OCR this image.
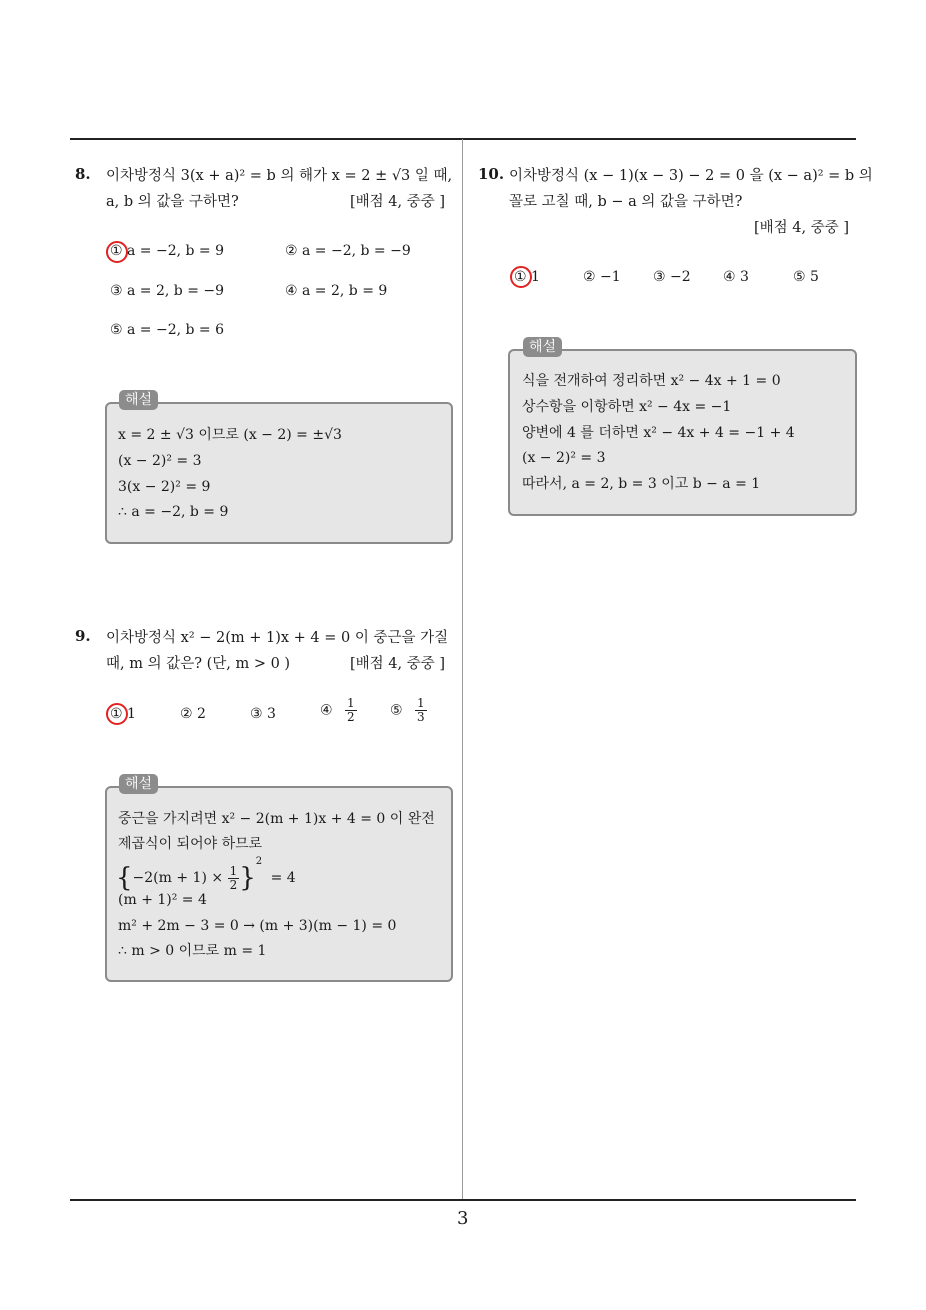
8. 이차방정식 3(x + a)² = b 의 해가 x = 2 ± √3 일 때,
a, b 의 값을 구하면?	[배점 4, 중중 ]
① a = −2, b = 9	② a = −2, b = −9
③ a = 2, b = −9	④ a = 2, b = 9
⑤ a = −2, b = 6
해설
x = 2 ± √3 이므로 (x − 2) = ±√3
(x − 2)² = 3
3(x − 2)² = 9
∴ a = −2, b = 9
9. 이차방정식 x² − 2(m + 1)x + 4 = 0 이 중근을 가질
때, m 의 값은? (단, m > 0 )	[배점 4, 중중 ]
① 1	② 2	③ 3	④ $\frac{1}{2}$ ⑤ $\frac{1}{3}$
해설
중근을 가지려면 x² − 2(m + 1)x + 4 = 0 이 완전
제곱식이 되어야 하므로
$\{-2(m + 1) \times \frac{1}{2} \}^2 = 4$
(m + 1)² = 4
m² + 2m − 3 = 0 → (m + 3)(m − 1) = 0
∴ m > 0 이므로 m = 1
10. 이차방정식 (x − 1)(x − 3) − 2 = 0 을 (x − a)² = b 의
꼴로 고칠 때, b − a 의 값을 구하면?
[배점 4, 중중 ]
① 1	② −1 ③ −2 ④ 3	⑤ 5
해설
식을 전개하여 정리하면 x² − 4x + 1 = 0
상수항을 이항하면 x² − 4x = −1
양변에 4 를 더하면 x² − 4x + 4 = −1 + 4
(x − 2)² = 3
따라서, a = 2, b = 3 이고 b − a = 1
3
